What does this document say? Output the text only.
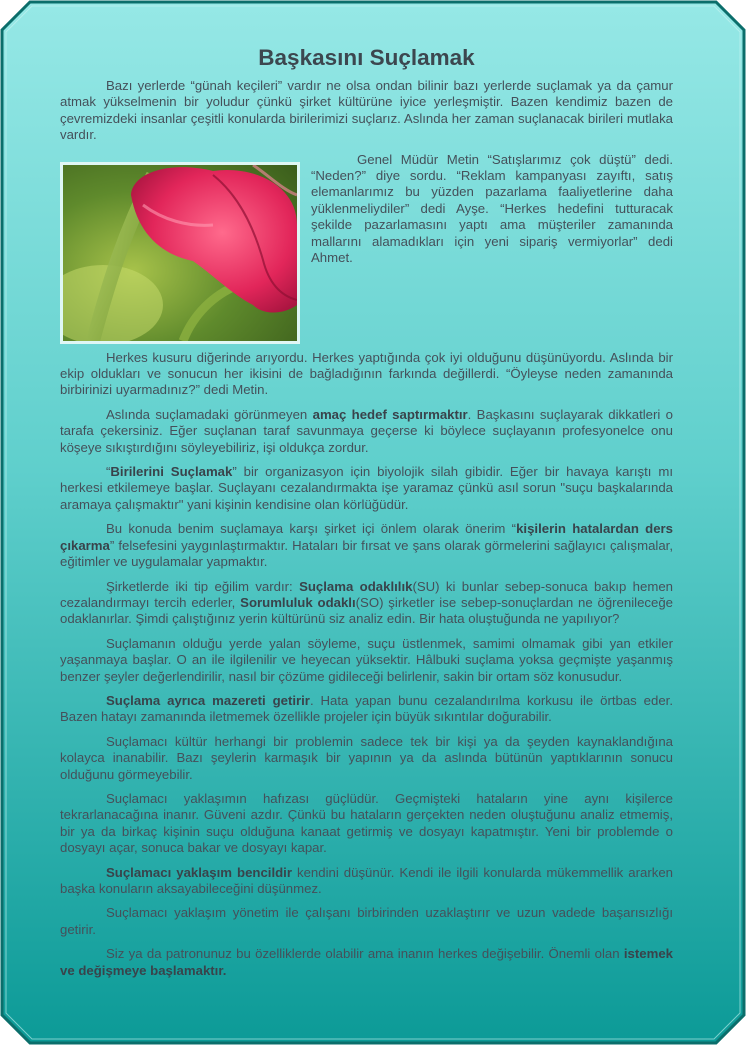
Başkasını Suçlamak

Bazı yerlerde “günah keçileri” vardır ne olsa ondan bilinir bazı yerlerde suçlamak ya da çamur atmak yükselmenin bir yoludur çünkü şirket kültürüne iyice yerleşmiştir. Bazen kendimiz bazen de çevremizdeki insanlar çeşitli konularda birilerimizi suçlarız. Aslında her zaman suçlanacak birileri mutlaka vardır.

Genel Müdür Metin “Satışlarımız çok düştü” dedi. “Neden?” diye sordu. “Reklam kampanyası zayıftı, satış elemanlarımız bu yüzden pazarlama faaliyetlerine daha yüklenmeliydiler” dedi Ayşe. “Herkes hedefini tutturacak şekilde pazarlamasını yaptı ama müşteriler zamanında mallarını alamadıkları için yeni sipariş vermiyorlar” dedi Ahmet.

Herkes kusuru diğerinde arıyordu. Herkes yaptığında çok iyi olduğunu düşünüyordu. Aslında bir ekip oldukları ve sonucun her ikisini de bağladığının farkında değillerdi. “Öyleyse neden zamanında birbirinizi uyarmadınız?” dedi Metin.

Aslında suçlamadaki görünmeyen amaç hedef saptırmaktır. Başkasını suçlayarak dikkatleri o tarafa çekersiniz. Eğer suçlanan taraf savunmaya geçerse ki böylece suçlayanın profesyonelce onu köşeye sıkıştırdığını söyleyebiliriz, işi oldukça zordur.

“Birilerini Suçlamak” bir organizasyon için biyolojik silah gibidir. Eğer bir havaya karıştı mı herkesi etkilemeye başlar. Suçlayanı cezalandırmakta işe yaramaz çünkü asıl sorun "suçu başkalarında aramaya çalışmaktır" yani kişinin kendisine olan körlüğüdür.

Bu konuda benim suçlamaya karşı şirket içi önlem olarak önerim “kişilerin hatalardan ders çıkarma” felsefesini yaygınlaştırmaktır. Hataları bir fırsat ve şans olarak görmelerini sağlayıcı çalışmalar, eğitimler ve uygulamalar yapmaktır.

Şirketlerde iki tip eğilim vardır: Suçlama odaklılık(SU) ki bunlar sebep-sonuca bakıp hemen cezalandırmayı tercih ederler, Sorumluluk odaklı(SO) şirketler ise sebep-sonuçlardan ne öğrenileceğe odaklanırlar. Şimdi çalıştığınız yerin kültürünü siz analiz edin. Bir hata oluştuğunda ne yapılıyor?

Suçlamanın olduğu yerde yalan söyleme, suçu üstlenmek, samimi olmamak gibi yan etkiler yaşanmaya başlar. O an ile ilgilenilir ve heyecan yüksektir. Hâlbuki suçlama yoksa geçmişte yaşanmış benzer şeyler değerlendirilir, nasıl bir çözüme gidileceği belirlenir, sakin bir ortam söz konusudur.

Suçlama ayrıca mazereti getirir. Hata yapan bunu cezalandırılma korkusu ile örtbas eder. Bazen hatayı zamanında iletmemek özellikle projeler için büyük sıkıntılar doğurabilir.

Suçlamacı kültür herhangi bir problemin sadece tek bir kişi ya da şeyden kaynaklandığına kolayca inanabilir. Bazı şeylerin karmaşık bir yapının ya da aslında bütünün yaptıklarının sonucu olduğunu görmeyebilir.

Suçlamacı yaklaşımın hafızası güçlüdür. Geçmişteki hataların yine aynı kişilerce tekrarlanacağına inanır. Güveni azdır. Çünkü bu hataların gerçekten neden oluştuğunu analiz etmemiş, bir ya da birkaç kişinin suçu olduğuna kanaat getirmiş ve dosyayı kapatmıştır. Yeni bir problemde o dosyayı açar, sonuca bakar ve dosyayı kapar.

Suçlamacı yaklaşım bencildir kendini düşünür. Kendi ile ilgili konularda mükemmellik ararken başka konuların aksayabileceğini düşünmez.

Suçlamacı yaklaşım yönetim ile çalışanı birbirinden uzaklaştırır ve uzun vadede başarısızlığı getirir.

Siz ya da patronunuz bu özelliklerde olabilir ama inanın herkes değişebilir. Önemli olan istemek ve değişmeye başlamaktır.
